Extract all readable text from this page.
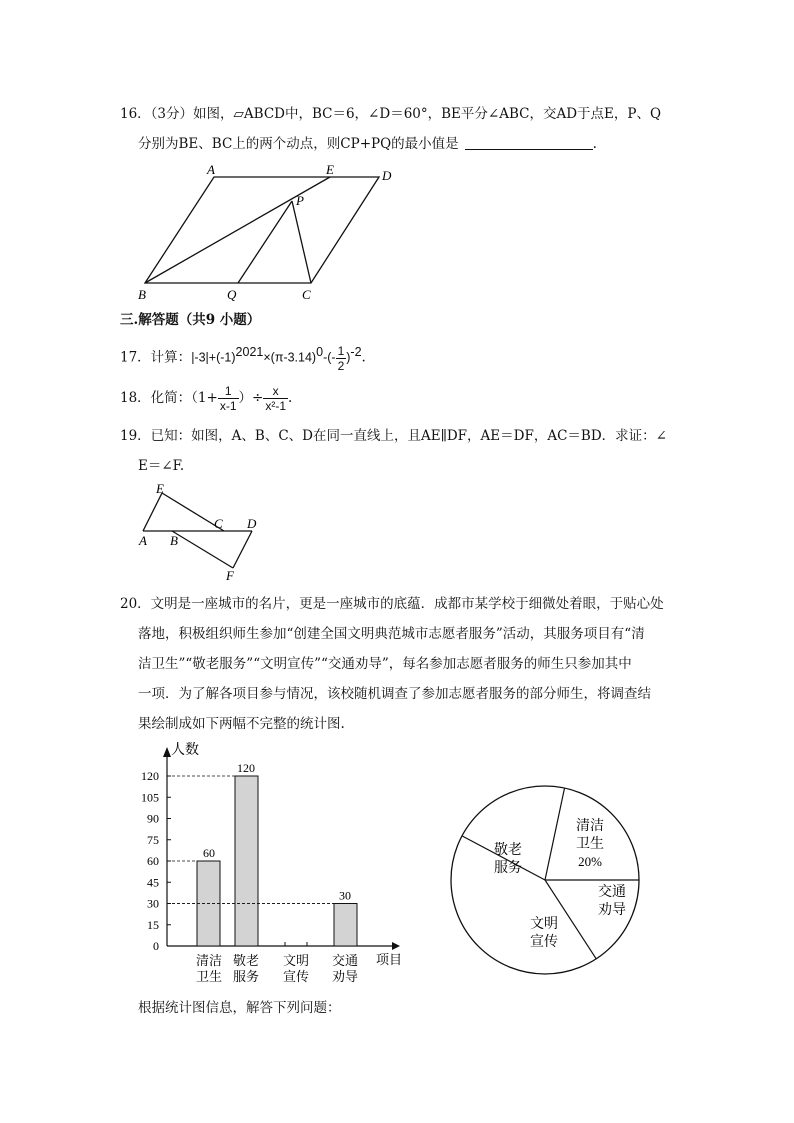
16．（3分）如图，▱ABCD中，BC＝6，∠D＝60°，BE平分∠ABC，交AD于点E，P、Q
分别为BE、BC上的两个动点，则CP+PQ的最小值是	.
A	E	D
P
B	Q	C
三.解答题（共9 小题）
17．计算：$|-3|+(-1)^{2021}\times(\pi-3.14)^0-(- \frac{1}{2} )^{-2}$.
18．化简：（$1+ \frac{1}{x-1}$ ）÷ $\frac{x}{\text{x²-1}}$ .
19．已知：如图，A、B、C、D在同一直线上，且AE∥DF，AE＝DF，AC＝BD．求证：∠
E＝∠F.
E
C D
A B
F
20．文明是一座城市的名片，更是一座城市的底蕴．成都市某学校于细微处着眼，于贴心处
落地，积极组织师生参加“创建全国文明典范城市志愿者服务”活动，其服务项目有“清
洁卫生”“敬老服务”“文明宣传”“交通劝导”，每名参加志愿者服务的师生只参加其中
一项．为了解各项目参与情况，该校随机调查了参加志愿者服务的部分师生，将调查结
果绘制成如下两幅不完整的统计图.
人数
项目
0
15
30
45
60
75
90
105
120
60
清洁
卫生
120
敬老
服务
文明
宣传
30
交通
劝导
清洁
卫生
20%
交通
劝导
文明
宣传
敬老
服务
根据统计图信息，解答下列问题：
